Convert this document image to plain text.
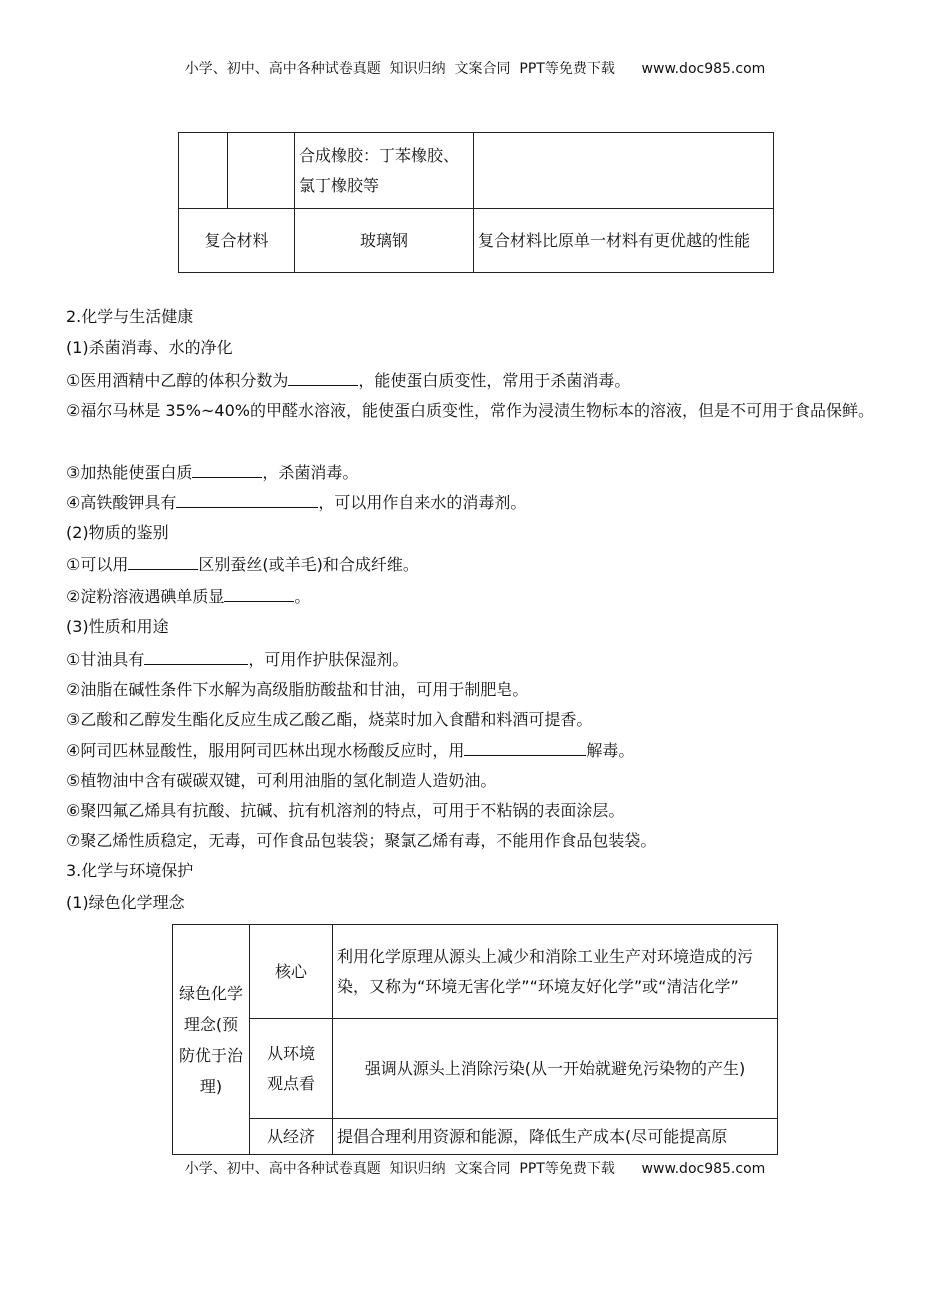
小学、初中、高中各种试卷真题  知识归纳  文案合同  PPT等免费下载      www.doc985.com
		合成橡胶：丁苯橡胶、氯丁橡胶等	
复合材料		玻璃钢	复合材料比原单一材料有更优越的性能
2.化学与生活健康
(1)杀菌消毒、水的净化
①医用酒精中乙醇的体积分数为	，能使蛋白质变性，常用于杀菌消毒。
②福尔马林是 35%~40%的甲醛水溶液，能使蛋白质变性，常作为浸渍生物标本的溶液，但是不可用于食品保鲜。
③加热能使蛋白质	，杀菌消毒。
④高铁酸钾具有	，可以用作自来水的消毒剂。
(2)物质的鉴别
①可以用	区别蚕丝(或羊毛)和合成纤维。
②淀粉溶液遇碘单质显	。
(3)性质和用途
①甘油具有	，可用作护肤保湿剂。
②油脂在碱性条件下水解为高级脂肪酸盐和甘油，可用于制肥皂。
③乙酸和乙醇发生酯化反应生成乙酸乙酯，烧菜时加入食醋和料酒可提香。
④阿司匹林显酸性，服用阿司匹林出现水杨酸反应时，用	解毒。
⑤植物油中含有碳碳双键，可利用油脂的氢化制造人造奶油。
⑥聚四氟乙烯具有抗酸、抗碱、抗有机溶剂的特点，可用于不粘锅的表面涂层。
⑦聚乙烯性质稳定，无毒，可作食品包装袋；聚氯乙烯有毒，不能用作食品包装袋。
3.化学与环境保护
(1)绿色化学理念
绿色化学理念(预防优于治理)	核心	利用化学原理从源头上减少和消除工业生产对环境造成的污染，又称为“环境无害化学”“环境友好化学”或“清洁化学”
	从环境观点看	强调从源头上消除污染(从一开始就避免污染物的产生)
	从经济	提倡合理利用资源和能源，降低生产成本(尽可能提高原
小学、初中、高中各种试卷真题  知识归纳  文案合同  PPT等免费下载      www.doc985.com
